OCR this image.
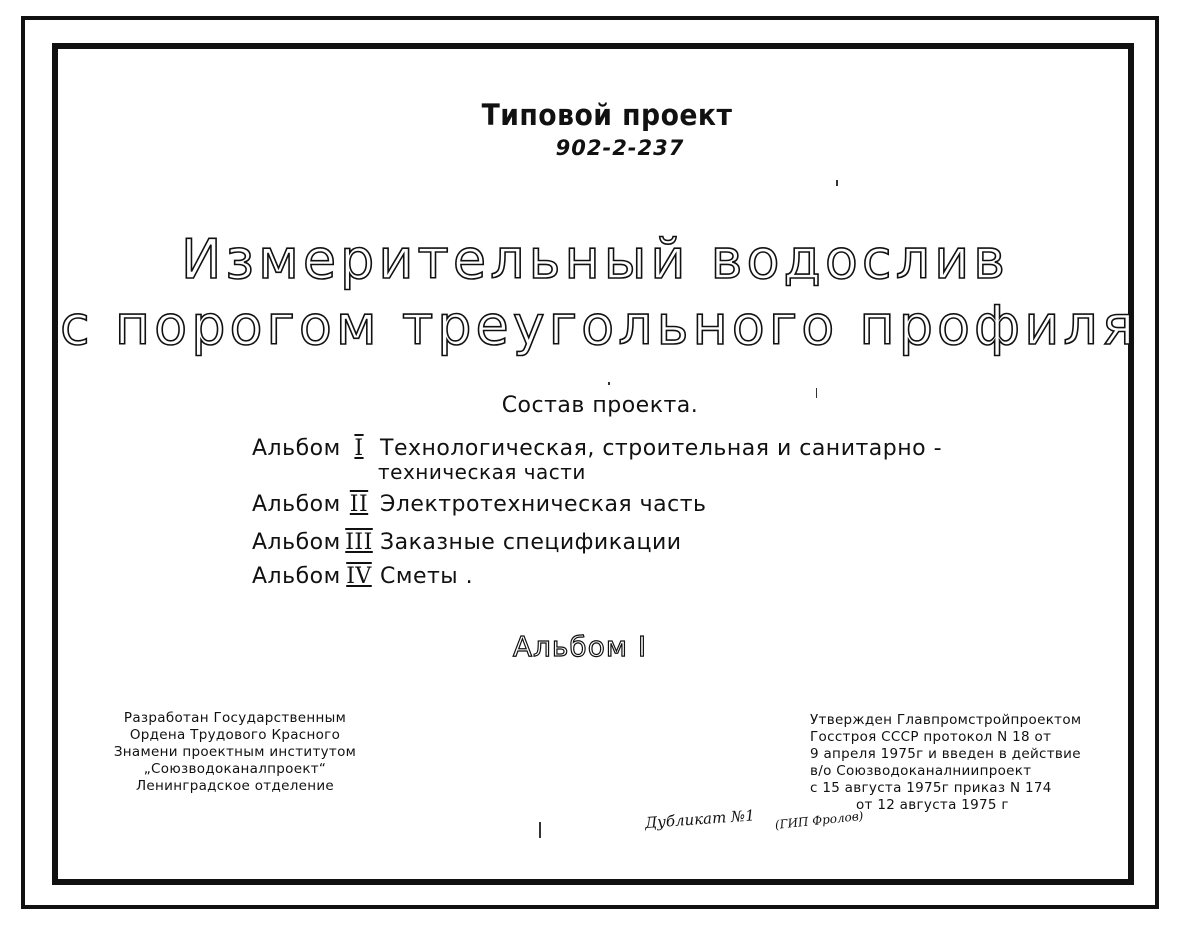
Типовой проект
902-2-237
Измерительный водослив
с порогом треугольного профиля
Состав проекта.
Альбом I Технологическая, строительная и санитарно -
техническая части
Альбом II Электротехническая часть
Альбом III Заказные спецификации
Альбом IV Сметы .
Альбом I
Разработан Государственным
Ордена Трудового Красного
Знамени проектным институтом
„Союзводоканалпроект“
Ленинградское отделение
Утвержден Главпромстройпроектом
Госстроя СССР протокол N 18 от
9 апреля 1975г и введен в действие
в/о Союзводоканалниипроект
с 15 августа 1975г приказ N 174
от 12 августа 1975 г
Дубликат №1 (ГИП Фролов)
